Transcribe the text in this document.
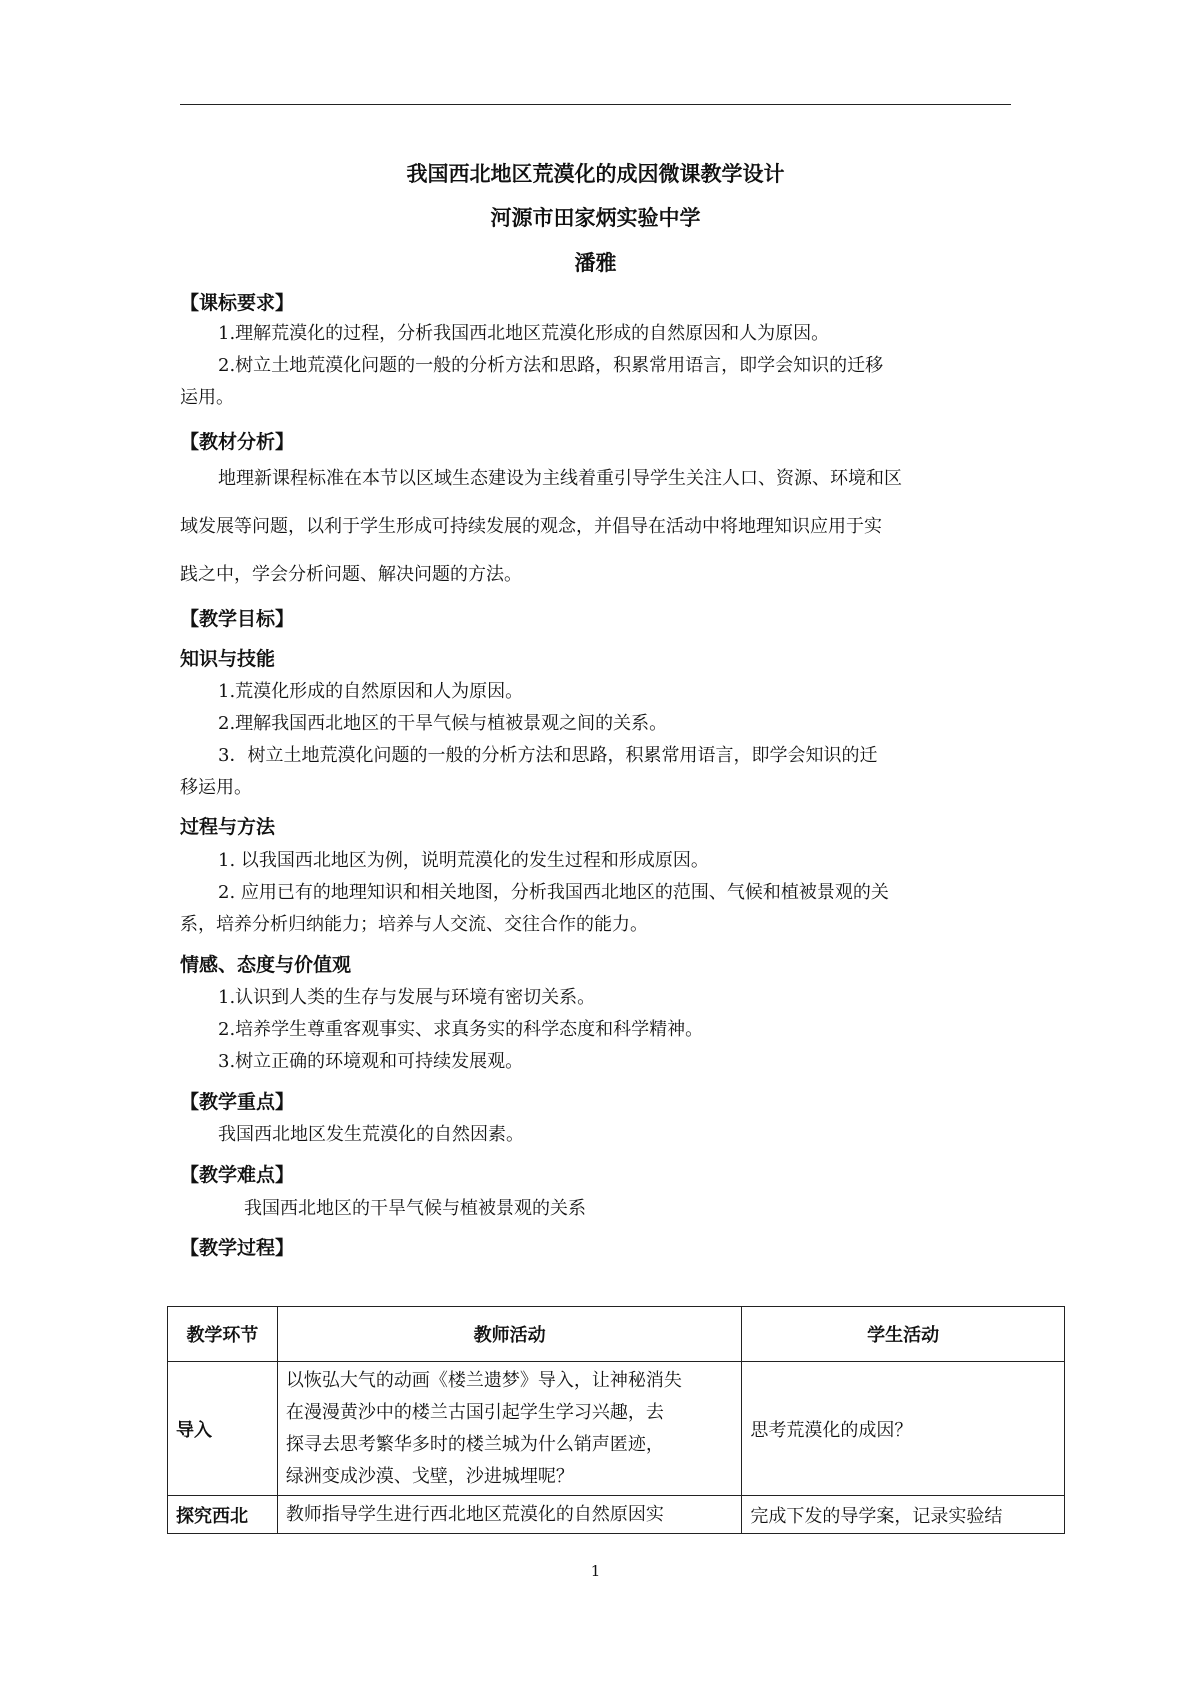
我国西北地区荒漠化的成因微课教学设计
河源市田家炳实验中学
潘雅
【课标要求】
1.理解荒漠化的过程，分析我国西北地区荒漠化形成的自然原因和人为原因。
2.树立土地荒漠化问题的一般的分析方法和思路，积累常用语言，即学会知识的迁移
运用。
【教材分析】
地理新课程标准在本节以区域生态建设为主线着重引导学生关注人口、资源、环境和区
域发展等问题，以利于学生形成可持续发展的观念，并倡导在活动中将地理知识应用于实
践之中，学会分析问题、解决问题的方法。
【教学目标】
知识与技能
1.荒漠化形成的自然原因和人为原因。
2.理解我国西北地区的干旱气候与植被景观之间的关系。
3．树立土地荒漠化问题的一般的分析方法和思路，积累常用语言，即学会知识的迁
移运用。
过程与方法
1. 以我国西北地区为例，说明荒漠化的发生过程和形成原因。
2. 应用已有的地理知识和相关地图，分析我国西北地区的范围、气候和植被景观的关
系，培养分析归纳能力；培养与人交流、交往合作的能力。
情感、态度与价值观
1.认识到人类的生存与发展与环境有密切关系。
2.培养学生尊重客观事实、求真务实的科学态度和科学精神。
3.树立正确的环境观和可持续发展观。
【教学重点】
我国西北地区发生荒漠化的自然因素。
【教学难点】
我国西北地区的干旱气候与植被景观的关系
【教学过程】
教学环节	教师活动	学生活动
导入	以恢弘大气的动画《楼兰遗梦》导入，让神秘消失
在漫漫黄沙中的楼兰古国引起学生学习兴趣，去
探寻去思考繁华多时的楼兰城为什么销声匿迹，
绿洲变成沙漠、戈壁，沙进城埋呢？	思考荒漠化的成因？
探究西北	教师指导学生进行西北地区荒漠化的自然原因实	完成下发的导学案，记录实验结
1
